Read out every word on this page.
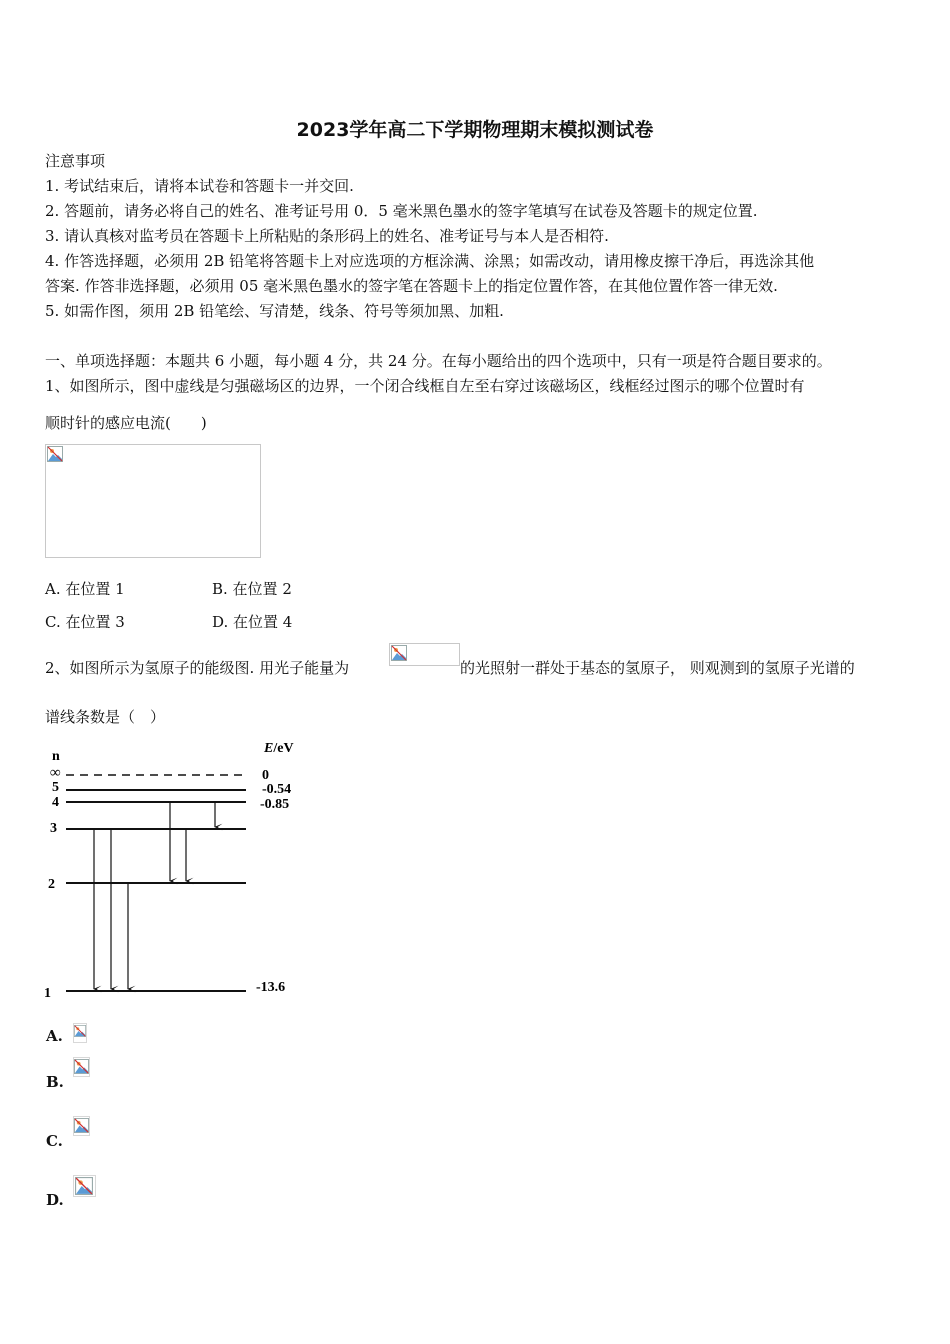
2023学年高二下学期物理期末模拟测试卷
注意事项
1. 考试结束后，请将本试卷和答题卡一并交回.
2. 答题前，请务必将自己的姓名、准考证号用 0．5 毫米黑色墨水的签字笔填写在试卷及答题卡的规定位置.
3. 请认真核对监考员在答题卡上所粘贴的条形码上的姓名、准考证号与本人是否相符.
4. 作答选择题，必须用 2B 铅笔将答题卡上对应选项的方框涂满、涂黑；如需改动，请用橡皮擦干净后，再选涂其他
答案. 作答非选择题，必须用 05 毫米黑色墨水的签字笔在答题卡上的指定位置作答，在其他位置作答一律无效.
5. 如需作图，须用 2B 铅笔绘、写清楚，线条、符号等须加黑、加粗.
一、单项选择题：本题共 6 小题，每小题 4 分，共 24 分。在每小题给出的四个选项中，只有一项是符合题目要求的。
1、如图所示，图中虚线是匀强磁场区的边界，一个闭合线框自左至右穿过该磁场区，线框经过图示的哪个位置时有
顺时针的感应电流(　　)
A. 在位置 1	B. 在位置 2
C. 在位置 3	D. 在位置 4
2、如图所示为氢原子的能级图. 用光子能量为	的光照射一群处于基态的氢原子， 则观测到的氢原子光谱的
谱线条数是（　）
n
E/eV
∞
5
4
3
2
1
0
-0.54
-0.85
-13.6
A.
B.
C.
D.
